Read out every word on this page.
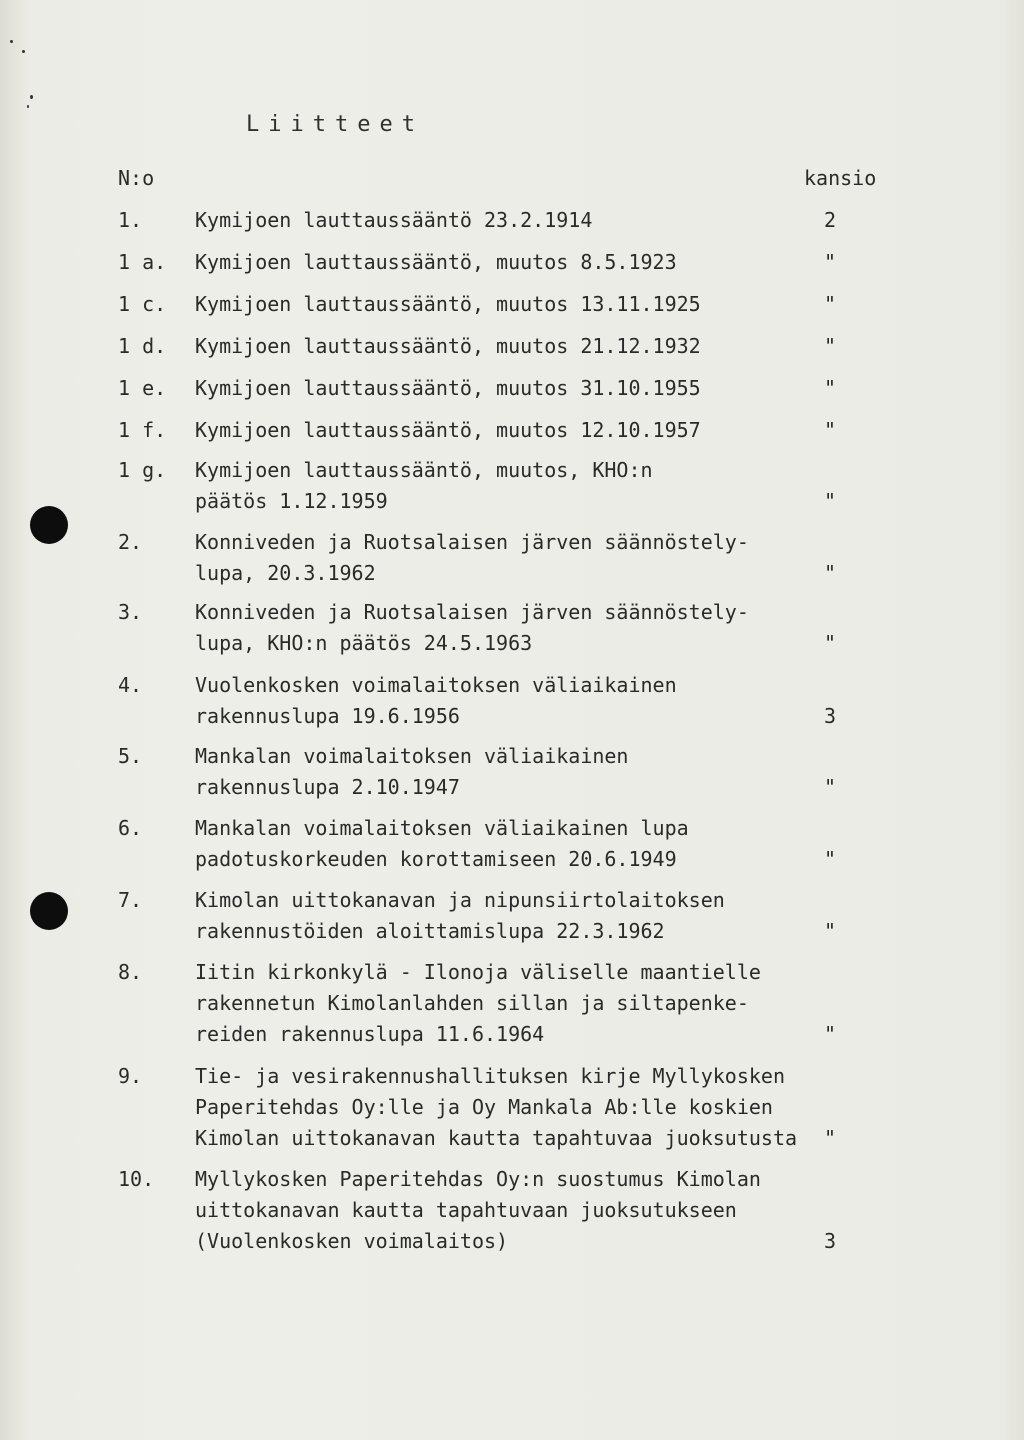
Liitteet
N:o	kansio
1.	Kymijoen lauttaussääntö 23.2.1914	2
1 a. Kymijoen lauttaussääntö, muutos 8.5.1923	"
1 c. Kymijoen lauttaussääntö, muutos 13.11.1925	"
1 d. Kymijoen lauttaussääntö, muutos 21.12.1932	"
1 e. Kymijoen lauttaussääntö, muutos 31.10.1955	"
1 f. Kymijoen lauttaussääntö, muutos 12.10.1957	"
1 g. Kymijoen lauttaussääntö, muutos, KHO:n
päätös 1.12.1959	"
2.	Konniveden ja Ruotsalaisen järven säännöstely-
lupa, 20.3.1962	"
3.	Konniveden ja Ruotsalaisen järven säännöstely-
lupa, KHO:n päätös 24.5.1963	"
4.	Vuolenkosken voimalaitoksen väliaikainen
rakennuslupa 19.6.1956	3
5.	Mankalan voimalaitoksen väliaikainen
rakennuslupa 2.10.1947	"
6.	Mankalan voimalaitoksen väliaikainen lupa
padotuskorkeuden korottamiseen 20.6.1949	"
7.	Kimolan uittokanavan ja nipunsiirtolaitoksen
rakennustöiden aloittamislupa 22.3.1962	"
8.	Iitin kirkonkylä - Ilonoja väliselle maantielle
rakennetun Kimolanlahden sillan ja siltapenke-
reiden rakennuslupa 11.6.1964	"
9.	Tie- ja vesirakennushallituksen kirje Myllykosken
Paperitehdas Oy:lle ja Oy Mankala Ab:lle koskien
Kimolan uittokanavan kautta tapahtuvaa juoksutusta	"
10. Myllykosken Paperitehdas Oy:n suostumus Kimolan
uittokanavan kautta tapahtuvaan juoksutukseen
(Vuolenkosken voimalaitos)	3
